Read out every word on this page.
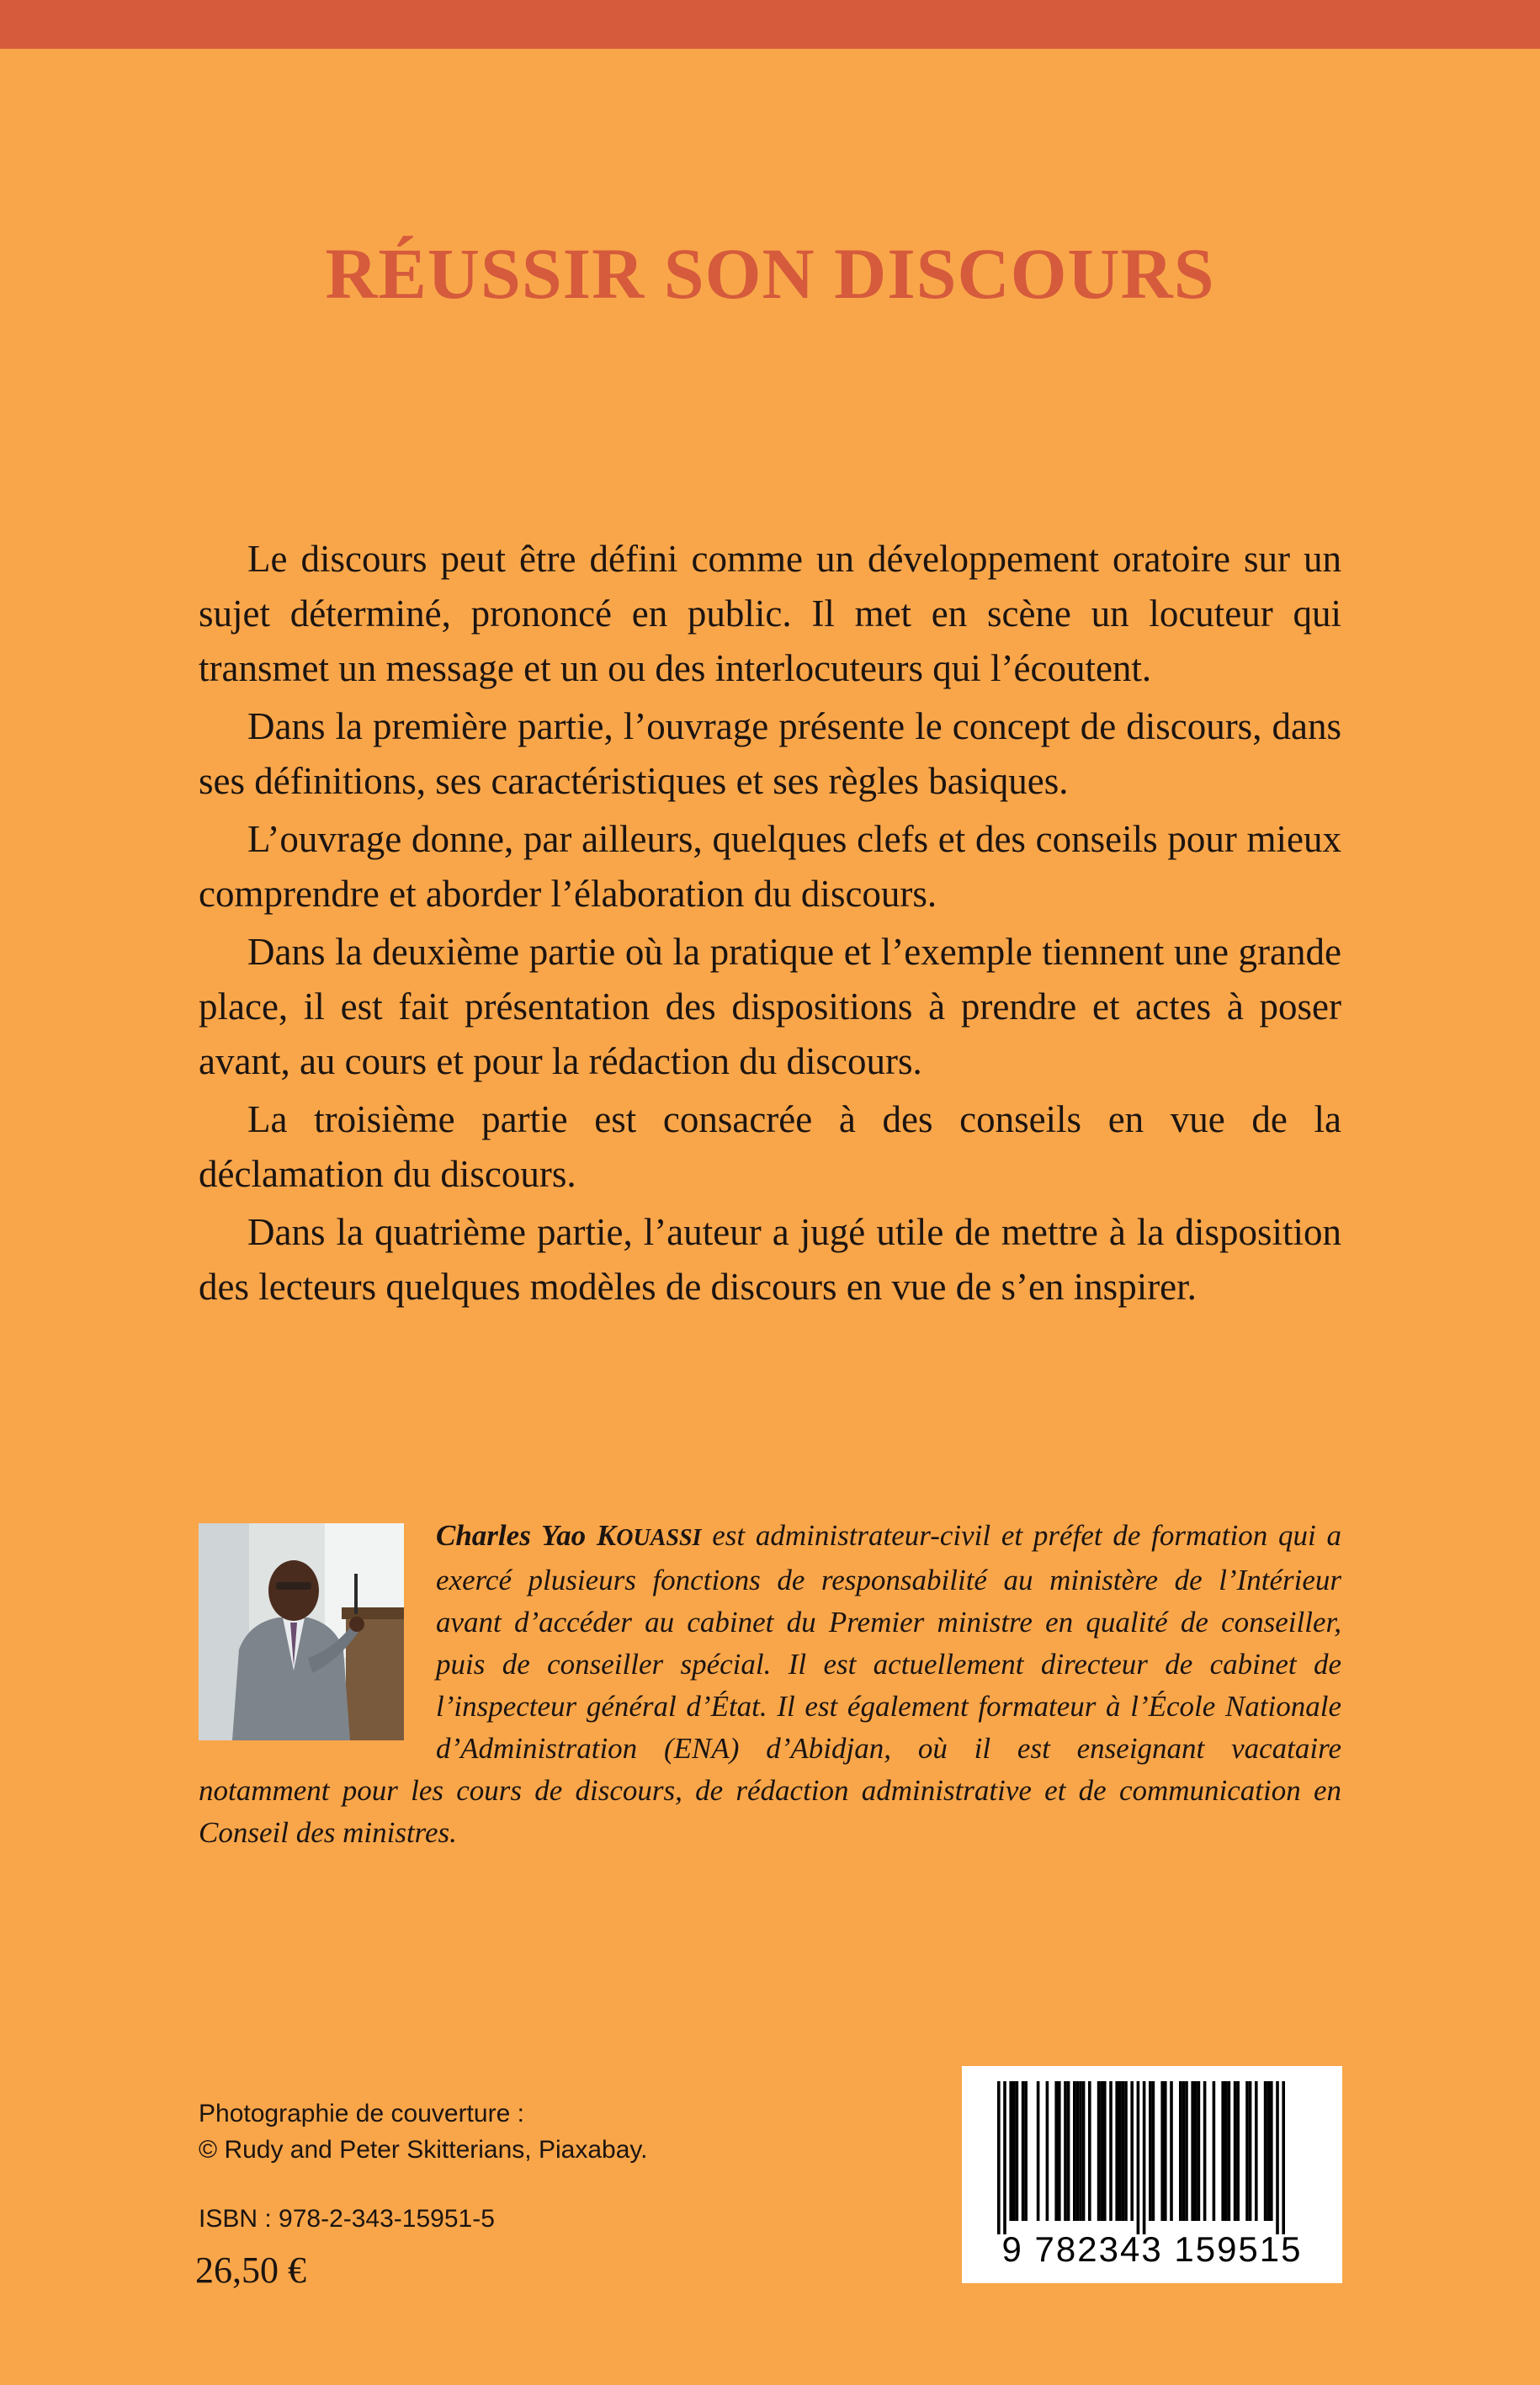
RÉUSSIR SON DISCOURS

Le discours peut être défini comme un développement oratoire sur un sujet déterminé, prononcé en public. Il met en scène un locuteur qui transmet un message et un ou des interlocuteurs qui l’écoutent.

Dans la première partie, l’ouvrage présente le concept de discours, dans ses définitions, ses caractéristiques et ses règles basiques.

L’ouvrage donne, par ailleurs, quelques clefs et des conseils pour mieux comprendre et aborder l’élaboration du discours.

Dans la deuxième partie où la pratique et l’exemple tiennent une grande place, il est fait présentation des dispositions à prendre et actes à poser avant, au cours et pour la rédaction du discours.

La troisième partie est consacrée à des conseils en vue de la déclamation du discours.

Dans la quatrième partie, l’auteur a jugé utile de mettre à la disposition des lecteurs quelques modèles de discours en vue de s’en inspirer.

Charles Yao KOUASSI est administrateur-civil et préfet de formation qui a exercé plusieurs fonctions de responsabilité au ministère de l’Intérieur avant d’accéder au cabinet du Premier ministre en qualité de conseiller, puis de conseiller spécial. Il est actuellement directeur de cabinet de l’inspecteur général d’État. Il est également formateur à l’École Nationale d’Administration (ENA) d’Abidjan, où il est enseignant vacataire notamment pour les cours de discours, de rédaction administrative et de communication en Conseil des ministres.
Photographie de couverture :
© Rudy and Peter Skitterians, Piaxabay.
ISBN : 978-2-343-15951-5
26,50 €
9 782343 159515
